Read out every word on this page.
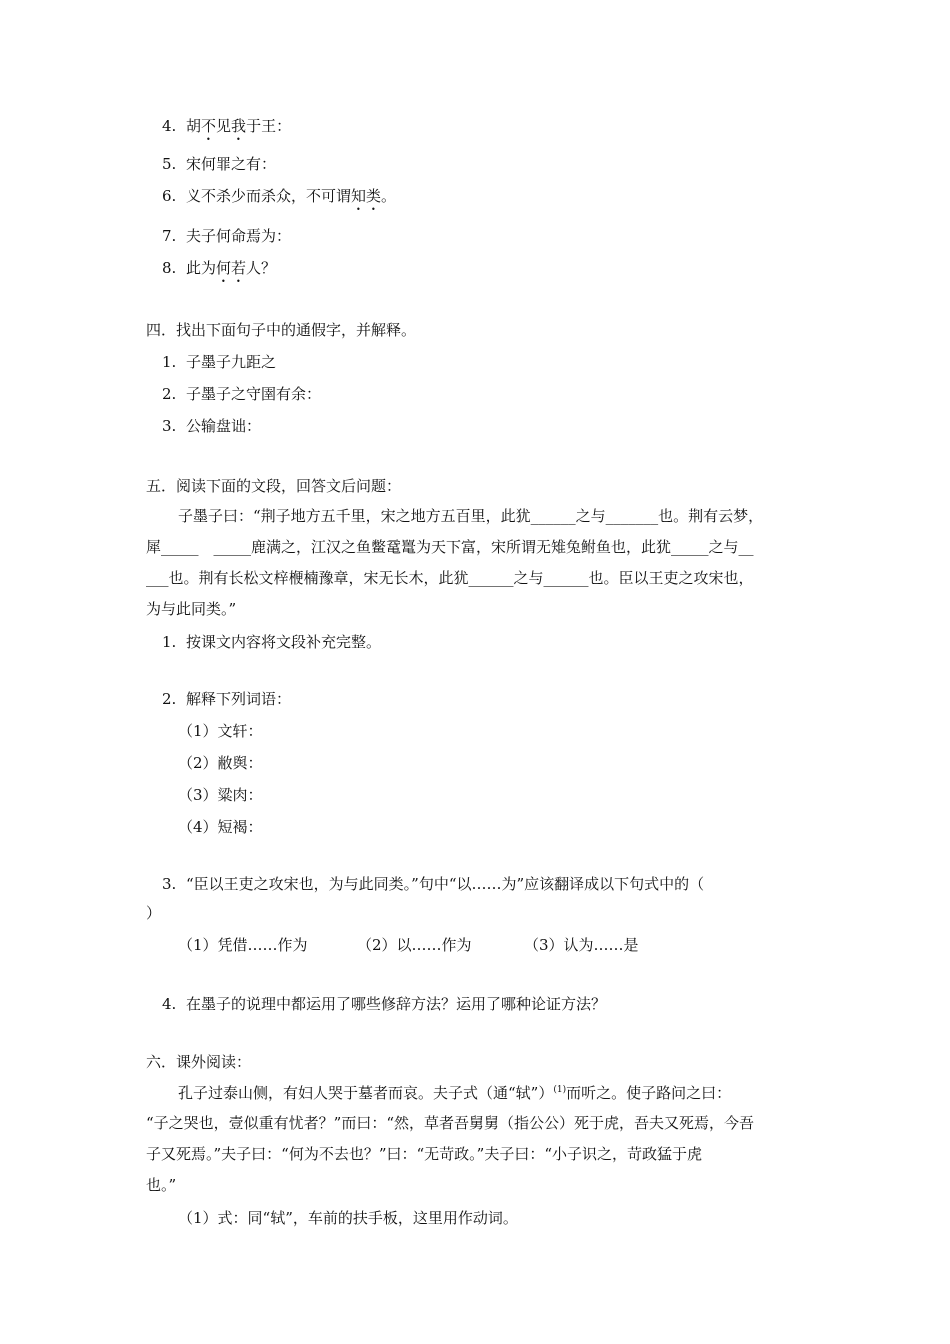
4. 胡不见我于王：
5. 宋何罪之有：
6. 义不杀少而杀众，不可谓知类。
7. 夫子何命焉为：
8. 此为何若人？
四．找出下面句子中的通假字，并解释。
1. 子墨子九距之
2. 子墨子之守圉有余：
3. 公输盘诎：
五．阅读下面的文段，回答文后问题：
子墨子曰：“荆子地方五千里，宋之地方五百里，此犹______之与_______也。荆有云梦，
犀_____　_____鹿满之，江汉之鱼鳖鼋鼍为天下富，宋所谓无雉兔鲋鱼也，此犹_____之与__
___也。荆有长松文梓楩楠豫章，宋无长木，此犹______之与______也。臣以王吏之攻宋也，
为与此同类。”
1. 按课文内容将文段补充完整。
2. 解释下列词语：
（1）文轩：
（2）敝舆：
（3）粱肉：
（4）短褐：
3. “臣以王吏之攻宋也，为与此同类。”句中“以……为”应该翻译成以下句式中的（
）
（1）凭借……作为	（2）以……作为	（3）认为……是
4. 在墨子的说理中都运用了哪些修辞方法？运用了哪种论证方法？
六．课外阅读：
孔子过泰山侧，有妇人哭于墓者而哀。夫子式（通“轼”）$^{(1)}$而听之。使子路问之曰：
“子之哭也，壹似重有忧者？”而曰：“然，草者吾舅舅（指公公）死于虎，吾夫又死焉，今吾
子又死焉。”夫子曰：“何为不去也？”曰：“无苛政。”夫子曰：“小子识之，苛政猛于虎
也。”
（1）式：同“轼”，车前的扶手板，这里用作动词。
